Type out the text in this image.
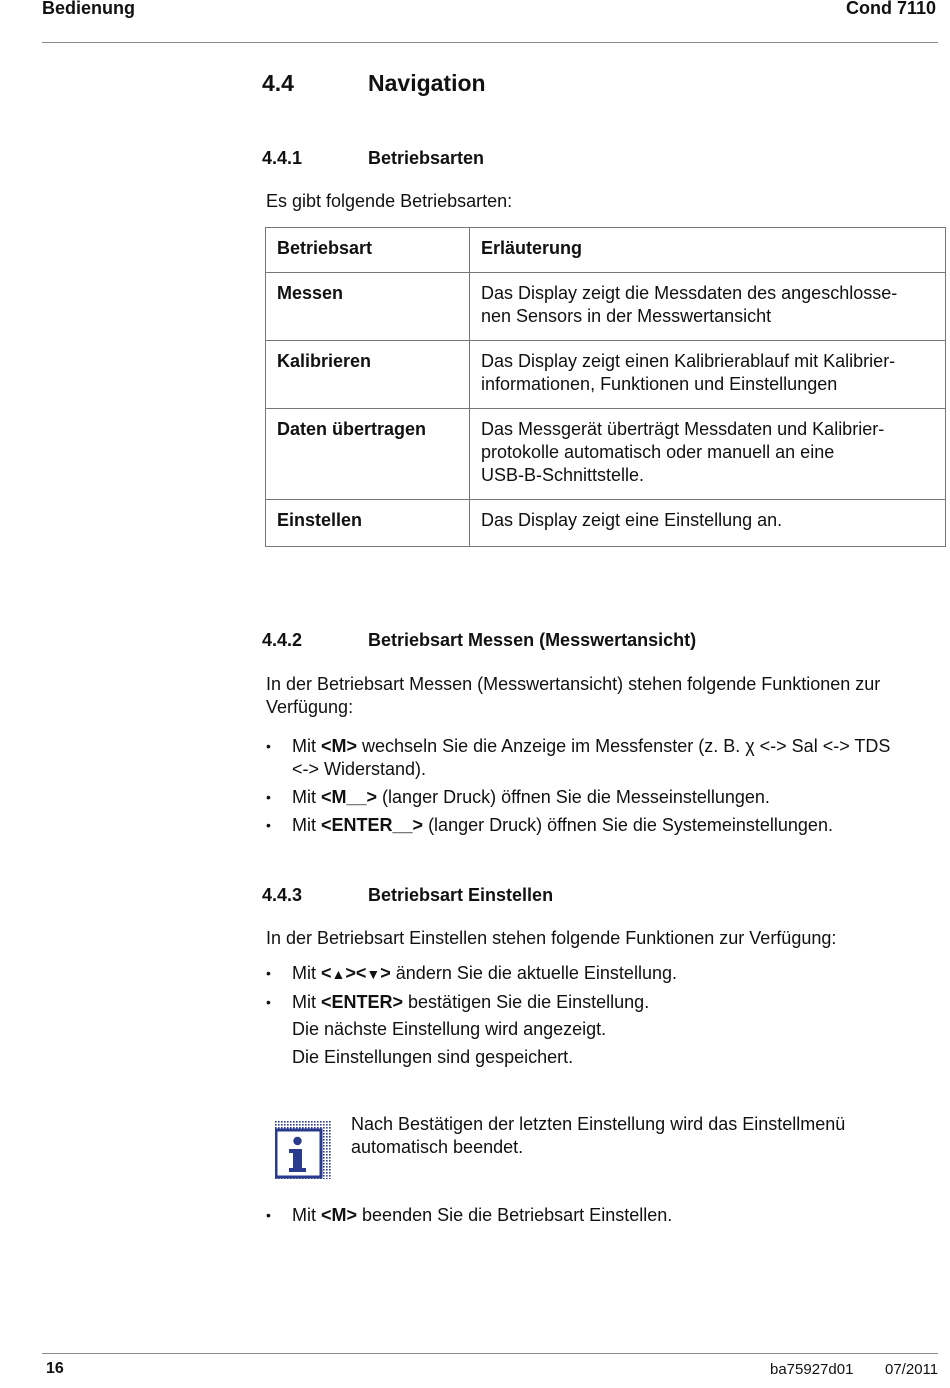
Bedienung	Cond 7110
4.4	Navigation
4.4.1	Betriebsarten
Es gibt folgende Betriebsarten:
Betriebsart	Erläuterung
Messen	Das Display zeigt die Messdaten des angeschlosse-
nen Sensors in der Messwertansicht

Kalibrieren	Das Display zeigt einen Kalibrierablauf mit Kalibrier-
informationen, Funktionen und Einstellungen

Daten übertragen	Das Messgerät überträgt Messdaten und Kalibrier-
protokolle automatisch oder manuell an eine
USB-B-Schnittstelle.

Einstellen	Das Display zeigt eine Einstellung an.
4.4.2	Betriebsart Messen (Messwertansicht)
In der Betriebsart Messen (Messwertansicht) stehen folgende Funktionen zur
Verfügung:
• Mit <M> wechseln Sie die Anzeige im Messfenster (z. B. χ <-> Sal <-> TDS
<-> Widerstand).
• Mit <M__> (langer Druck) öffnen Sie die Messeinstellungen.
• Mit <ENTER__> (langer Druck) öffnen Sie die Systemeinstellungen.
4.4.3	Betriebsart Einstellen
In der Betriebsart Einstellen stehen folgende Funktionen zur Verfügung:
• Mit <▲><▼> ändern Sie die aktuelle Einstellung.
• Mit <ENTER> bestätigen Sie die Einstellung.
Die nächste Einstellung wird angezeigt.
Die Einstellungen sind gespeichert.
Nach Bestätigen der letzten Einstellung wird das Einstellmenü
automatisch beendet.
• Mit <M> beenden Sie die Betriebsart Einstellen.
16	ba75927d01 07/2011
